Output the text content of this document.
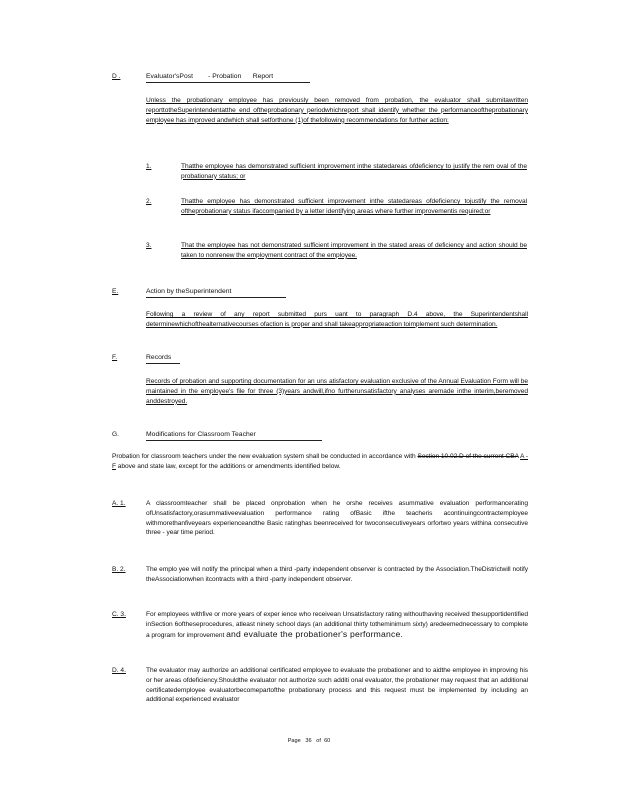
D .	Evaluator'sPost        - Probation      Report

Unless the probationary employee has previously been removed from probation, the evaluator shall submitawritten reporttotheSuperintendentatthe end oftheprobationary periodwhichreport shall identify whether the performanceoftheprobationary employee has improved andwhich shall setforthone (1)of thefollowing recommendations for further action:

1.	Thatthe employee has demonstrated sufficient improvement inthe statedareas ofdeficiency to justify the rem oval of the probationary status; or

2.	Thatthe employee has demonstrated sufficient improvement inthe statedareas ofdeficiency tojustify the removal oftheprobationary status ifaccompanied by a letter identifying areas where further improvementis required;or

3.	That the employee has not demonstrated sufficient improvement in the stated areas of deficiency and action should be taken to nonrenew the employment contract of the employee.

E.	Action by theSuperintendent

Following a review of any report submitted purs uant to paragraph D.4 above, the Superintendentshall determinewhichofthealternativecourses ofaction is proper and shall takeappropriateaction toimplement such determination.

F.	Records

Records of probation and supporting documentation for an uns atisfactory evaluation exclusive of the Annual Evaluation Form will be maintained in the employee's file for three (3)years andwill,ifno furtherunsatisfactory analyses aremade inthe interim,beremoved anddestroyed.

G.	Modifications for Classroom Teacher

Probation for classroom teachers under the new evaluation system shall be conducted in accordance with Section 10.02.D of the current CBA A -F above and state law, except for the additions or amendments identified below.

A. 1.	A classroomteacher shall be placed onprobation when he orshe receives asummative evaluation performancerating ofUnsatisfactory,orasummativeevaluation performance rating ofBasic ifthe teacheris acontinuingcontractemployee withmorethanfiveyears experienceandthe Basic ratinghas beenreceived for twoconsecutiveyears orfortwo years withina consecutive three - year time period.

B. 2.	The emplo yee will notify the principal when a third -party independent observer is contracted by the Association.TheDistrictwill notify theAssociationwhen itcontracts with a third -party independent observer.

C. 3.	For employees withfive or more years of exper ience who receivean Unsatisfactory rating withouthaving received thesupportidentified inSection 6oftheseprocedures, atleast ninety school days (an additional thirty totheminimum sixty) aredeemednecessary to complete a program for improvement and evaluate the probationer's performance.

D. 4.	The evaluator may authorize an additional certificated employee to evaluate the probationer and to aidthe employee in improving his or her areas ofdeficiency.Shouldthe evaluator not authorize such additi onal evaluator, the probationer may request that an additional certificatedemployee evaluatorbecomepartofthe probationary process and this request must be implemented by including an additional experienced evaluator

Page   36   of  60
